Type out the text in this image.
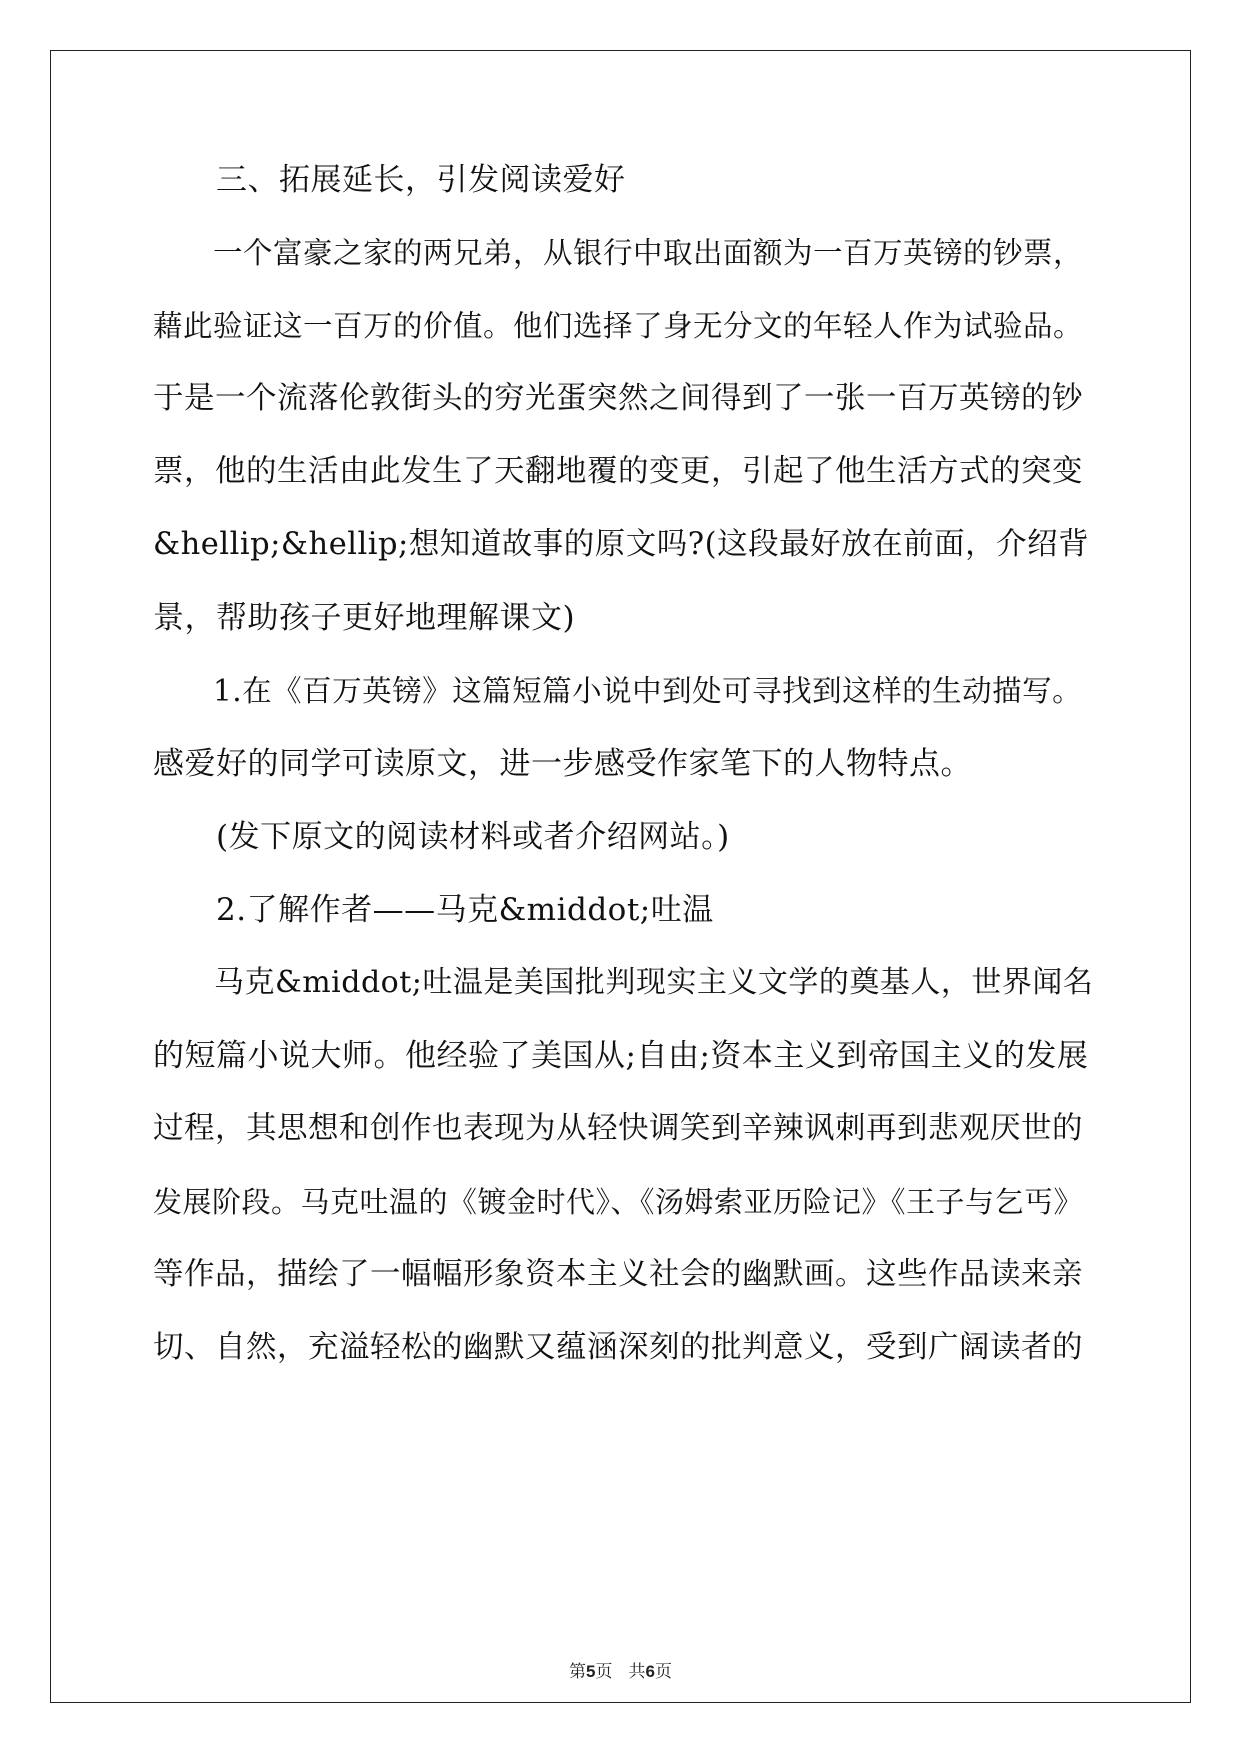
　　三、拓展延长，引发阅读爱好
　　一个富豪之家的两兄弟，从银行中取出面额为一百万英镑的钞票，
藉此验证这一百万的价值。他们选择了身无分文的年轻人作为试验品。
于是一个流落伦敦街头的穷光蛋突然之间得到了一张一百万英镑的钞
票，他的生活由此发生了天翻地覆的变更，引起了他生活方式的突变
&hellip;&hellip;想知道故事的原文吗?(这段最好放在前面，介绍背
景，帮助孩子更好地理解课文)
　　1.在《百万英镑》这篇短篇小说中到处可寻找到这样的生动描写。
感爱好的同学可读原文，进一步感受作家笔下的人物特点。
　　(发下原文的阅读材料或者介绍网站。)
　　2.了解作者——马克&middot;吐温
　　马克&middot;吐温是美国批判现实主义文学的奠基人，世界闻名
的短篇小说大师。他经验了美国从;自由;资本主义到帝国主义的发展
过程，其思想和创作也表现为从轻快调笑到辛辣讽刺再到悲观厌世的
发展阶段。马克吐温的《镀金时代》、《汤姆索亚历险记》《王子与乞丐》
等作品，描绘了一幅幅形象资本主义社会的幽默画。这些作品读来亲
切、自然，充溢轻松的幽默又蕴涵深刻的批判意义，受到广阔读者的
第5页 共6页
